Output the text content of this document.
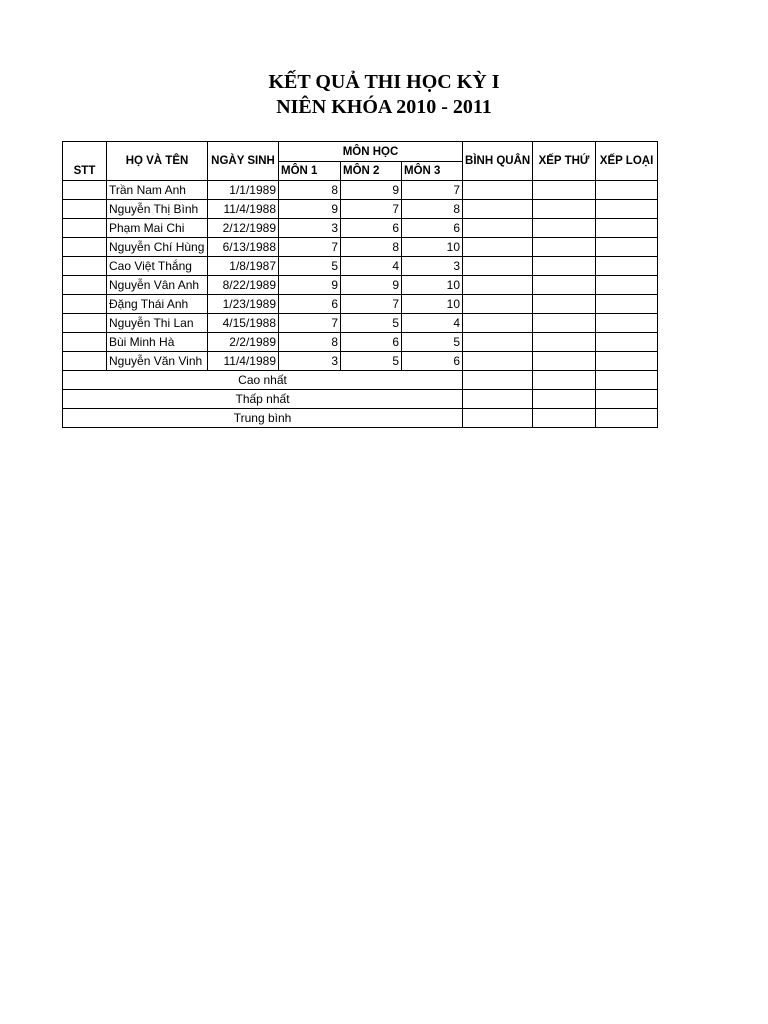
KẾT QUẢ THI HỌC KỲ I
NIÊN KHÓA 2010 - 2011
STT	HỌ VÀ TÊN	NGÀY SINH	MÔN HỌC			BÌNH QUÂN	XẾP THỨ	XẾP LOẠI
			MÔN 1	MÔN 2	MÔN 3			
	Trần Nam Anh	1/1/1989	8	9	7			
	Nguyễn Thị Bình	11/4/1988	9	7	8			
	Phạm Mai Chi	2/12/1989	3	6	6			
	Nguyễn Chí Hùng	6/13/1988	7	8	10			
	Cao Việt Thắng	1/8/1987	5	4	3			
	Nguyễn Vân Anh	8/22/1989	9	9	10			
	Đặng Thái Anh	1/23/1989	6	7	10			
	Nguyễn Thi Lan	4/15/1988	7	5	4			
	Bùi Minh Hà	2/2/1989	8	6	5			
	Nguyễn Văn Vinh	11/4/1989	3	5	6			
Cao nhất								
Thấp nhất								
Trung bình								
